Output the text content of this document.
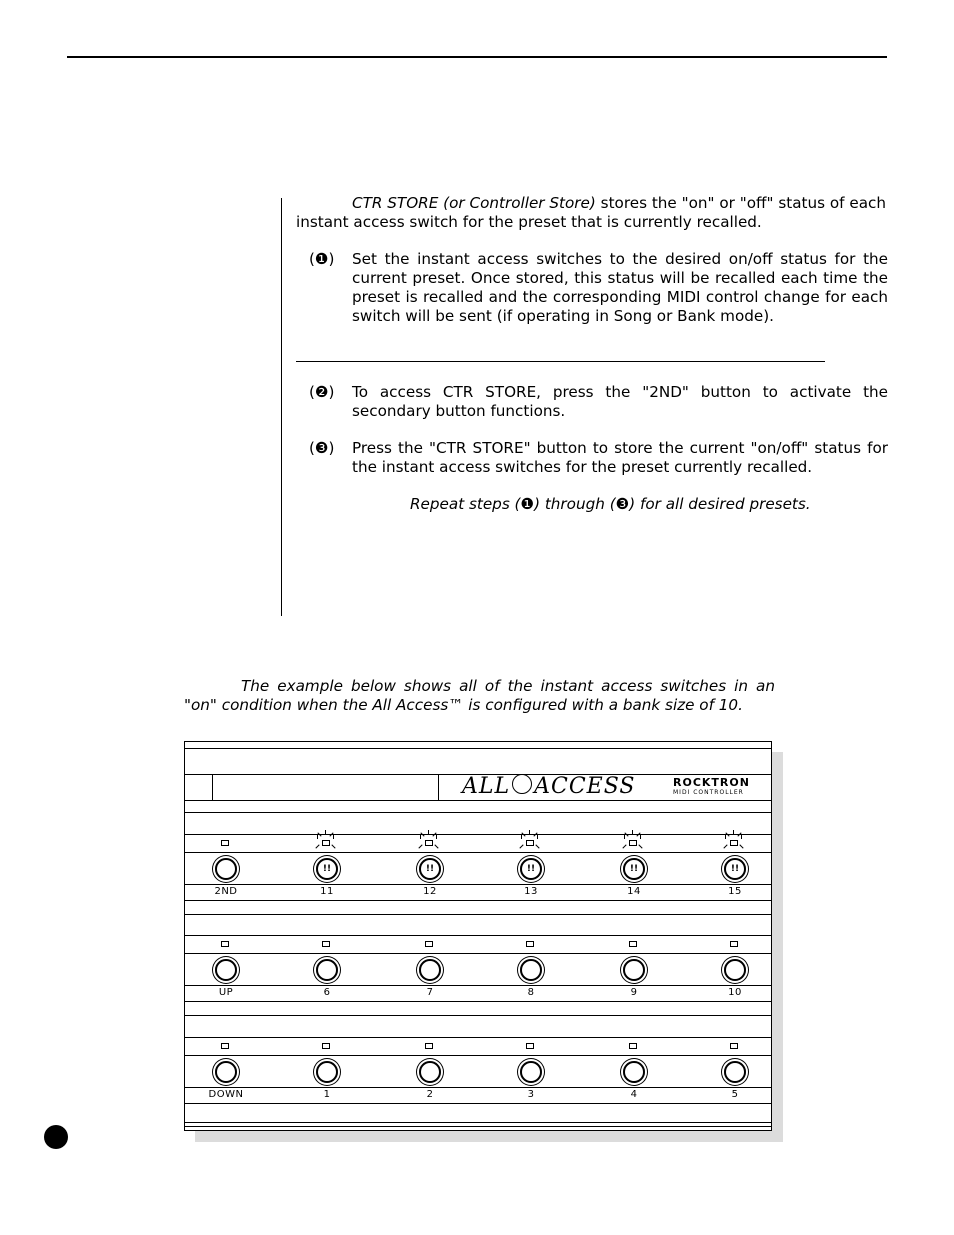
CTR STORE (or Controller Store) stores the "on" or "off" status of each instant access switch for the preset that is currently recalled.
(❶) Set the instant access switches to the desired on/off status for the current preset. Once stored, this status will be recalled each time the preset is recalled and the corresponding MIDI control change for each switch will be sent (if operating in Song or Bank mode).
(❷) To access CTR STORE, press the "2ND" button to activate the secondary button functions.
(❸) Press the "CTR STORE" button to store the current "on/off" status for the instant access switches for the preset currently recalled.
Repeat steps (❶) through (❸) for all desired presets.
The example below shows all of the instant access switches in an "on" condition when the All Access™ is configured with a bank size of 10.
ALL ACCESS	ROCKTRON
MIDI CONTROLLER
2ND
!!
11
!!
12
!!
13
!!
14
!!
15
UP	6	7	8	9	10
DOWN	1	2	3	4	5
